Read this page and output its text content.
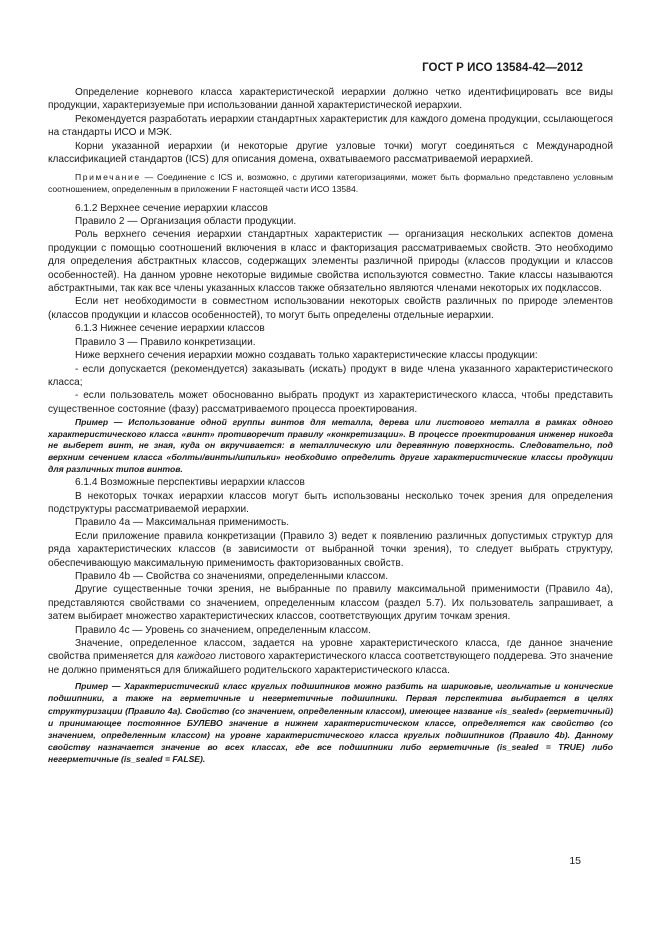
ГОСТ Р ИСО 13584-42—2012

Определение корневого класса характеристической иерархии должно четко идентифицировать все виды продукции, характеризуемые при использовании данной характеристической иерархии.

Рекомендуется разработать иерархии стандартных характеристик для каждого домена продукции, ссылающегося на стандарты ИСО и МЭК.

Корни указанной иерархии (и некоторые другие узловые точки) могут соединяться с Международной классификацией стандартов (ICS) для описания домена, охватываемого рассматриваемой иерархией.

Примечание — Соединение с ICS и, возможно, с другими категоризациями, может быть формально представлено условным соотношением, определенным в приложении F настоящей части ИСО 13584.

6.1.2 Верхнее сечение иерархии классов

Правило 2 — Организация области продукции.

Роль верхнего сечения иерархии стандартных характеристик — организация нескольких аспектов домена продукции с помощью соотношений включения в класс и факторизация рассматриваемых свойств. Это необходимо для определения абстрактных классов, содержащих элементы различной природы (классов продукции и классов особенностей). На данном уровне некоторые видимые свойства используются совместно. Такие классы называются абстрактными, так как все члены указанных классов также обязательно являются членами некоторых их подклассов.

Если нет необходимости в совместном использовании некоторых свойств различных по природе элементов (классов продукции и классов особенностей), то могут быть определены отдельные иерархии.

6.1.3 Нижнее сечение иерархии классов

Правило 3 — Правило конкретизации.

Ниже верхнего сечения иерархии можно создавать только характеристические классы продукции:

- если допускается (рекомендуется) заказывать (искать) продукт в виде члена указанного характеристического класса;

- если пользователь может обоснованно выбрать продукт из характеристического класса, чтобы представить существенное состояние (фазу) рассматриваемого процесса проектирования.

Пример — Использование одной группы винтов для металла, дерева или листового металла в рамках одного характеристического класса «винт» противоречит правилу «конкретизации». В процессе проектирования инженер никогда не выберет винт, не зная, куда он вкручивается: в металлическую или деревянную поверхность. Следовательно, под верхним сечением класса «болты/винты/шпильки» необходимо определить другие характеристические классы продукции для различных типов винтов.

6.1.4 Возможные перспективы иерархии классов

В некоторых точках иерархии классов могут быть использованы несколько точек зрения для определения подструктуры рассматриваемой иерархии.

Правило 4а — Максимальная применимость.

Если приложение правила конкретизации (Правило 3) ведет к появлению различных допустимых структур для ряда характеристических классов (в зависимости от выбранной точки зрения), то следует выбрать структуру, обеспечивающую максимальную применимость факторизованных свойств.

Правило 4b — Свойства со значениями, определенными классом.

Другие существенные точки зрения, не выбранные по правилу максимальной применимости (Правило 4a), представляются свойствами со значением, определенным классом (раздел 5.7). Их пользователь запрашивает, а затем выбирает множество характеристических классов, соответствующих другим точкам зрения.

Правило 4c — Уровень со значением, определенным классом.

Значение, определенное классом, задается на уровне характеристического класса, где данное значение свойства применяется для каждого листового характеристического класса соответствующего поддерева. Это значение не должно применяться для ближайшего родительского характеристического класса.

Пример — Характеристический класс круглых подшипников можно разбить на шариковые, игольчатые и конические подшипники, а также на герметичные и негерметичные подшипники. Первая перспектива выбирается в целях структуризации (Правило 4a). Свойство (со значением, определенным классом), имеющее название «is_sealed» (герметичный) и принимающее постоянное БУЛЕВО значение в нижнем характеристическом классе, определяется как свойство (со значением, определенным классом) на уровне характеристического класса круглых подшипников (Правило 4b). Данному свойству назначается значение во всех классах, где все подшипники либо герметичные (is_sealed = TRUE) либо негерметичные (is_sealed = FALSE).

15
